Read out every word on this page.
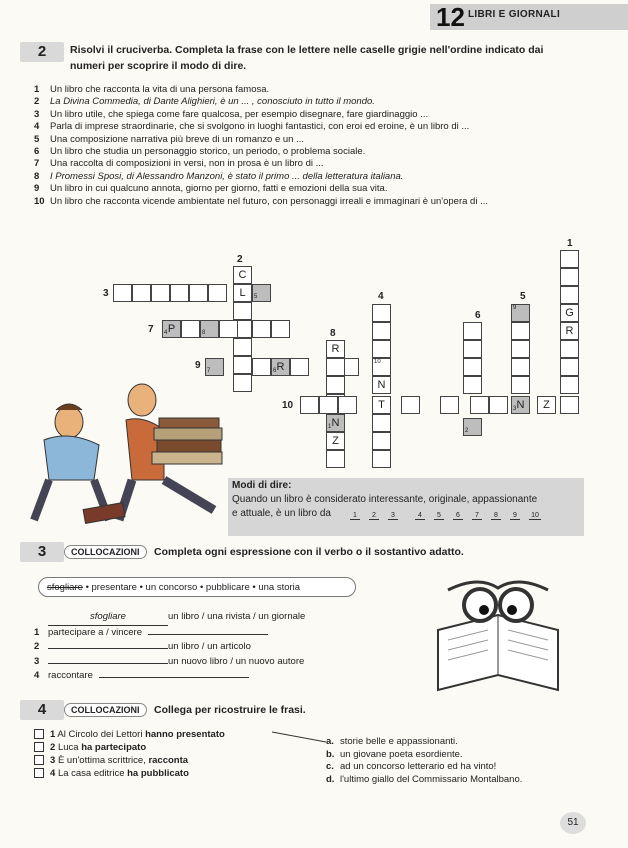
12 LIBRI E GIORNALI
2	Risolvi il cruciverba. Completa la frase con le lettere nelle caselle grigie nell'ordine indicato dai
numeri per scoprire il modo di dire.
1 Un libro che racconta la vita di una persona famosa.
2 La Divina Commedia, di Dante Alighieri, è un ... , conosciuto in tutto il mondo.
3 Un libro utile, che spiega come fare qualcosa, per esempio disegnare, fare giardinaggio ...
4 Parla di imprese straordinarie, che si svolgono in luoghi fantastici, con eroi ed eroine, è un libro di ...
5 Una composizione narrativa più breve di un romanzo e un ...
6 Un libro che studia un personaggio storico, un periodo, o problema sociale.
7 Una raccolta di composizioni in versi, non in prosa è un libro di ...
8 I Promessi Sposi, di Alessandro Manzoni, è stato il primo ... della letteratura italiana.
9 Un libro in cui qualcuno annota, giorno per giorno, fatti e emozioni della sua vita.
10 Un libro che racconta vicende ambientate nel futuro, con personaggi irreali e immaginari è un'opera di ...
1
2
3	4	5
6
7	8
9
10
G
R
C
L	5
4 P	8
7	6 R
R
1 N
Z
10
N
T	3 N	Z
2
9
Modi di dire:
Quando un libro è considerato interessante, originale, appassionante
e attuale, è un libro da	1	2	3	4	5	6	7	8	9	10
3	COLLOCAZIONI	Completa ogni espressione con il verbo o il sostantivo adatto.
sfogliare • presentare • un concorso • pubblicare • una storia
sfogliare	un libro / una rivista / un giornale
1 partecipare a / vincere
2	un libro / un articolo
3	un nuovo libro / un nuovo autore
4 raccontare
4	COLLOCAZIONI	Collega per ricostruire le frasi.
1 Al Circolo dei Lettori hanno presentato
2 Luca ha partecipato
3 È un'ottima scrittrice, racconta
4 La casa editrice ha pubblicato
a. storie belle e appassionanti.
b. un giovane poeta esordiente.
c. ad un concorso letterario ed ha vinto!
d. l'ultimo giallo del Commissario Montalbano.
51
